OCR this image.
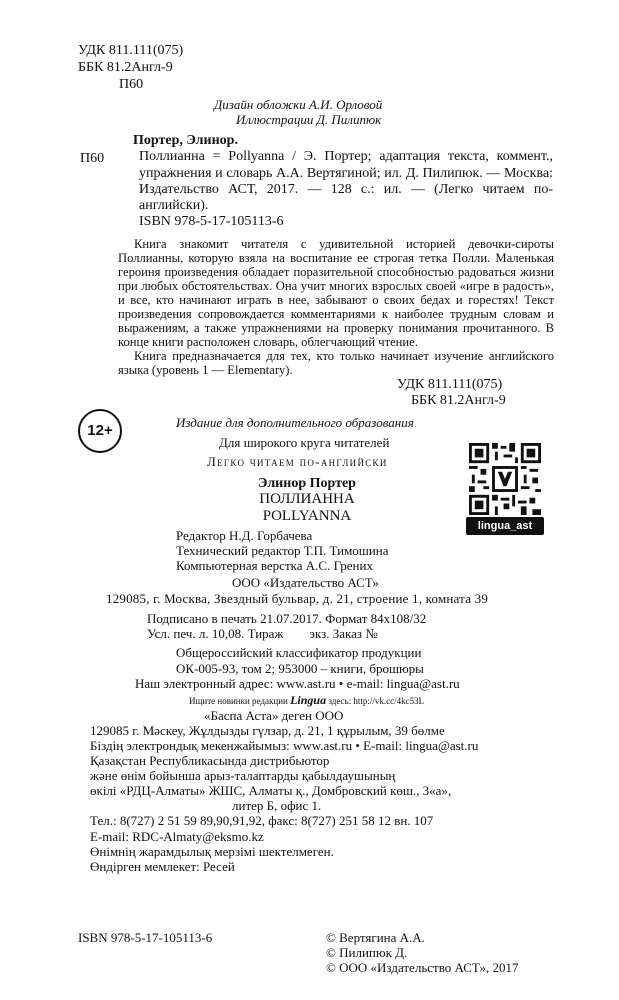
УДК 811.111(075)
ББК 81.2Англ-9
П60
Дизайн обложки А.И. Орловой
Иллюстрации Д. Пилипюк
П60

Портер, Элинор.

Поллианна = Pollyanna / Э. Портер; адаптация текста, коммент., упражнения и словарь А.А. Вертягиной; ил. Д. Пилипюк. — Москва: Издательство АСТ, 2017. — 128 с.: ил. — (Легко читаем по-английски).

ISBN 978-5-17-105113-6

Книга знакомит читателя с удивительной историей девочки-сироты Поллианны, которую взяла на воспитание ее строгая тетка Полли. Маленькая героиня произведения обладает поразительной способностью радоваться жизни при любых обстоятельствах. Она учит многих взрослых своей «игре в радость», и все, кто начинают играть в нее, забывают о своих бедах и горестях! Текст произведения сопровождается комментариями к наиболее трудным словам и выражениям, а также упражнениями на проверку понимания прочитанного. В конце книги расположен словарь, облегчающий чтение.

Книга предназначается для тех, кто только начинает изучение английского языка (уровень 1 — Elementary).

УДК 811.111(075)
ББК 81.2Англ-9
12+	Издание для дополнительного образования
Для широкого круга читателей
Легко читаем по-английски
Элинор Портер
ПОЛЛИАННА
POLLYANNA
lingua_ast
Редактор Н.Д. Горбачева
Технический редактор Т.П. Тимошина
Компьютерная верстка А.С. Грених
ООО «Издательство АСТ»
129085, г. Москва, Звездный бульвар, д. 21, строение 1, комната 39
Подписано в печать 21.07.2017. Формат 84x108/32
Усл. печ. л. 10,08. Тираж        экз. Заказ №
Общероссийский классификатор продукции
ОК-005-93, том 2; 953000 – книги, брошюры
Наш электронный адрес: www.ast.ru • e-mail: lingua@ast.ru
Ищите новинки редакции Lingua здесь: http://vk.cc/4kc53L
«Баспа Аста» деген ООО
129085 г. Мәскеу, Жұлдызды гүлзар, д. 21, 1 құрылым, 39 бөлме
Біздің электрондық мекенжайымыз: www.ast.ru • E-mail: lingua@ast.ru
Қазақстан Республикасында дистрибьютор
және өнім бойынша арыз-талаптарды қабылдаушының
өкілі «РДЦ-Алматы» ЖШС, Алматы қ., Домбровский көш., 3«а»,
литер Б, офис 1.
Тел.: 8(727) 2 51 59 89,90,91,92, факс: 8(727) 251 58 12 вн. 107
E-mail: RDC-Almaty@eksmo.kz
Өнімнің жарамдылық мерзімі шектелмеген.
Өндірген мемлекет: Ресей
ISBN 978-5-17-105113-6	© Вертягина А.А.
© Пилипюк Д.
© ООО «Издательство АСТ», 2017
